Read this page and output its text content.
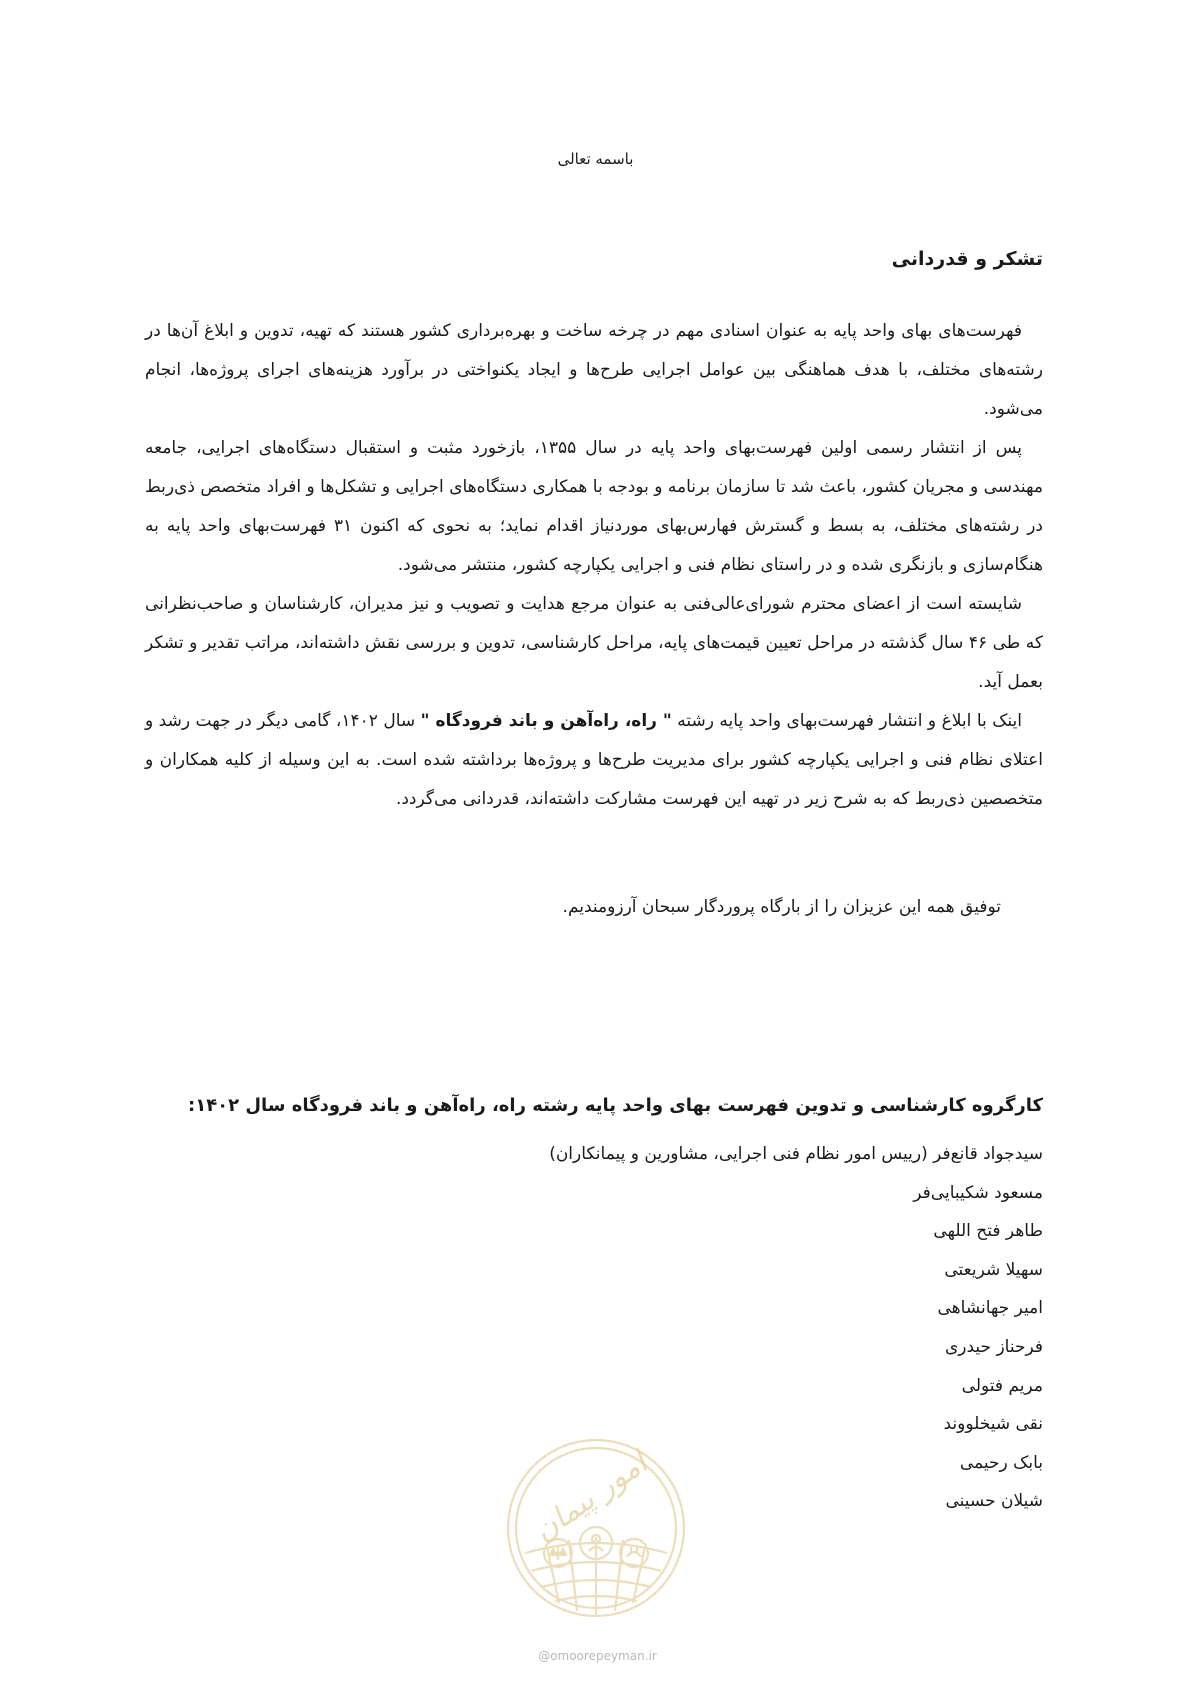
باسمه تعالی
تشکر و قدردانی

فهرست‌های بهای واحد پایه به عنوان اسنادی مهم در چرخه ساخت و بهره‌برداری کشور هستند که تهیه، تدوین و ابلاغ آن‌ها در رشته‌های مختلف، با هدف هماهنگی بین عوامل اجرایی طرح‌ها و ایجاد یکنواختی در برآورد هزینه‌های اجرای پروژه‌ها، انجام می‌شود.

پس از انتشار رسمی اولین فهرست‌بهای واحد پایه در سال ۱۳۵۵، بازخورد مثبت و استقبال دستگاه‌های اجرایی، جامعه مهندسی و مجریان کشور، باعث شد تا سازمان برنامه و بودجه با همکاری دستگاه‌های اجرایی و تشکل‌ها و افراد متخصص ذی‌ربط در رشته‌های مختلف، به بسط و گسترش فهارس‌بهای موردنیاز اقدام نماید؛ به نحوی که اکنون ۳۱ فهرست‌بهای واحد پایه به هنگام‌سازی و بازنگری شده و در راستای نظام فنی و اجرایی یکپارچه کشور، منتشر می‌شود.

شایسته است از اعضای محترم شورای‌عالی‌فنی به عنوان مرجع هدایت و تصویب و نیز مدیران، کارشناسان و صاحب‌نظرانی که طی ۴۶ سال گذشته در مراحل تعیین قیمت‌های پایه، مراحل کارشناسی، تدوین و بررسی نقش داشته‌اند، مراتب تقدیر و تشکر بعمل آید.

اینک با ابلاغ و انتشار فهرست‌بهای واحد پایه رشته " راه، راه‌آهن و باند فرودگاه " سال ۱۴۰۲، گامی دیگر در جهت رشد و اعتلای نظام فنی و اجرایی یکپارچه کشور برای مدیریت طرح‌ها و پروژه‌ها برداشته شده است. به این وسیله از کلیه همکاران و متخصصین ذی‌ربط که به شرح زیر در تهیه این فهرست مشارکت داشته‌اند، قدردانی می‌گردد.

توفیق همه این عزیزان را از بارگاه پروردگار سبحان آرزومندیم.
کارگروه کارشناسی و تدوین فهرست بهای واحد پایه رشته راه، راه‌آهن و باند فرودگاه سال ۱۴۰۲:
سیدجواد قانع‌فر (رییس امور نظام فنی اجرایی، مشاورین و پیمانکاران)
مسعود شکیبایی‌فر
طاهر فتح اللهی
سهیلا شریعتی
امیر جهانشاهی
فرحناز حیدری
مریم فتولی
نقی شیخلووند
بابک رحیمی
شیلان حسینی
امور پیمان
@omoorepeyman.ir
